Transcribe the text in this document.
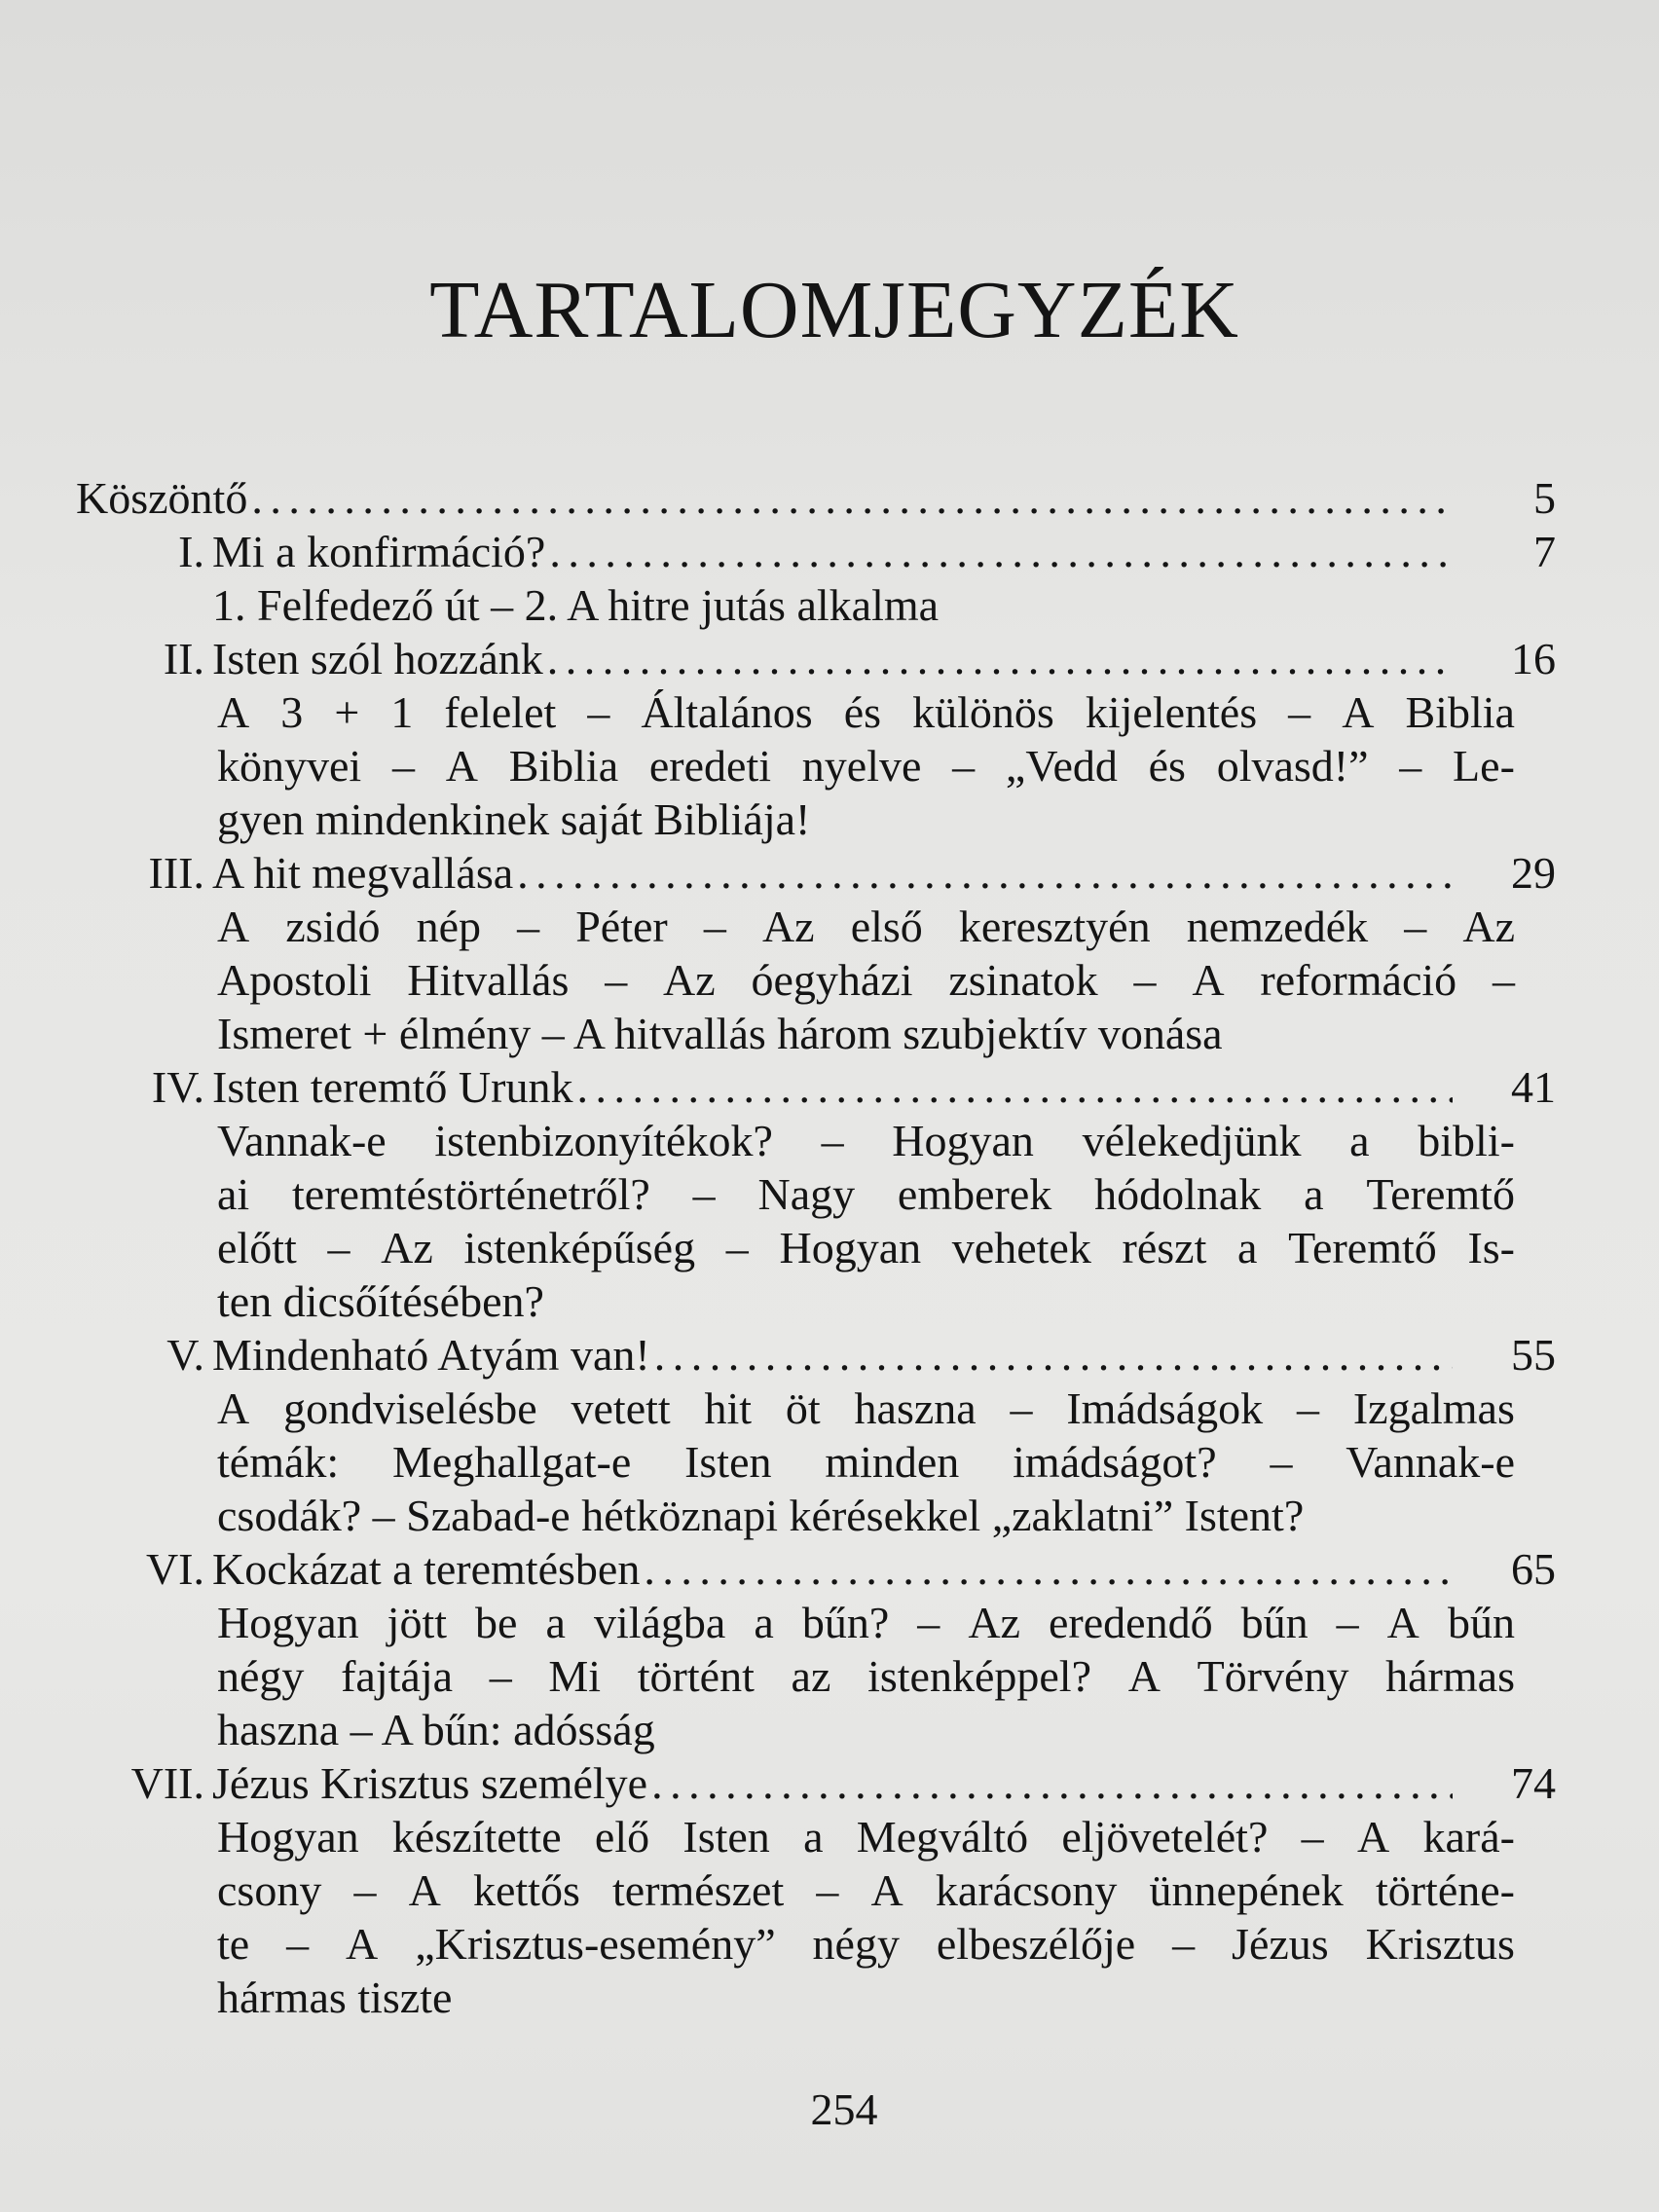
TARTALOMJEGYZÉK
Köszöntő . . .	5
I. Mi a konfirmáció? . . .	7
1. Felfedező út – 2. A hitre jutás alkalma
II. Isten szól hozzánk . . .	16
A 3 + 1 felelet – Általános és különös kijelentés – A Biblia
könyvei – A Biblia eredeti nyelve – „Vedd és olvasd!” – Le-
gyen mindenkinek saját Bibliája!
III. A hit megvallása . . .	29
A zsidó nép – Péter – Az első keresztyén nemzedék – Az
Apostoli Hitvallás – Az óegyházi zsinatok – A reformáció –
Ismeret + élmény – A hitvallás három szubjektív vonása
IV. Isten teremtő Urunk . . .	41
Vannak-e istenbizonyítékok? – Hogyan vélekedjünk a bibli-
ai teremtéstörténetről? – Nagy emberek hódolnak a Teremtő
előtt – Az istenképűség – Hogyan vehetek részt a Teremtő Is-
ten dicsőítésében?
V. Mindenható Atyám van! . . .	55
A gondviselésbe vetett hit öt haszna – Imádságok – Izgalmas
témák: Meghallgat-e Isten minden imádságot? – Vannak-e
csodák? – Szabad-e hétköznapi kérésekkel „zaklatni” Istent?
VI. Kockázat a teremtésben . . .	65
Hogyan jött be a világba a bűn? – Az eredendő bűn – A bűn
négy fajtája – Mi történt az istenképpel? A Törvény hármas
haszna – A bűn: adósság
VII. Jézus Krisztus személye . . .	74
Hogyan készítette elő Isten a Megváltó eljövetelét? – A kará-
csony – A kettős természet – A karácsony ünnepének történe-
te – A „Krisztus-esemény” négy elbeszélője – Jézus Krisztus
hármas tiszte
254
